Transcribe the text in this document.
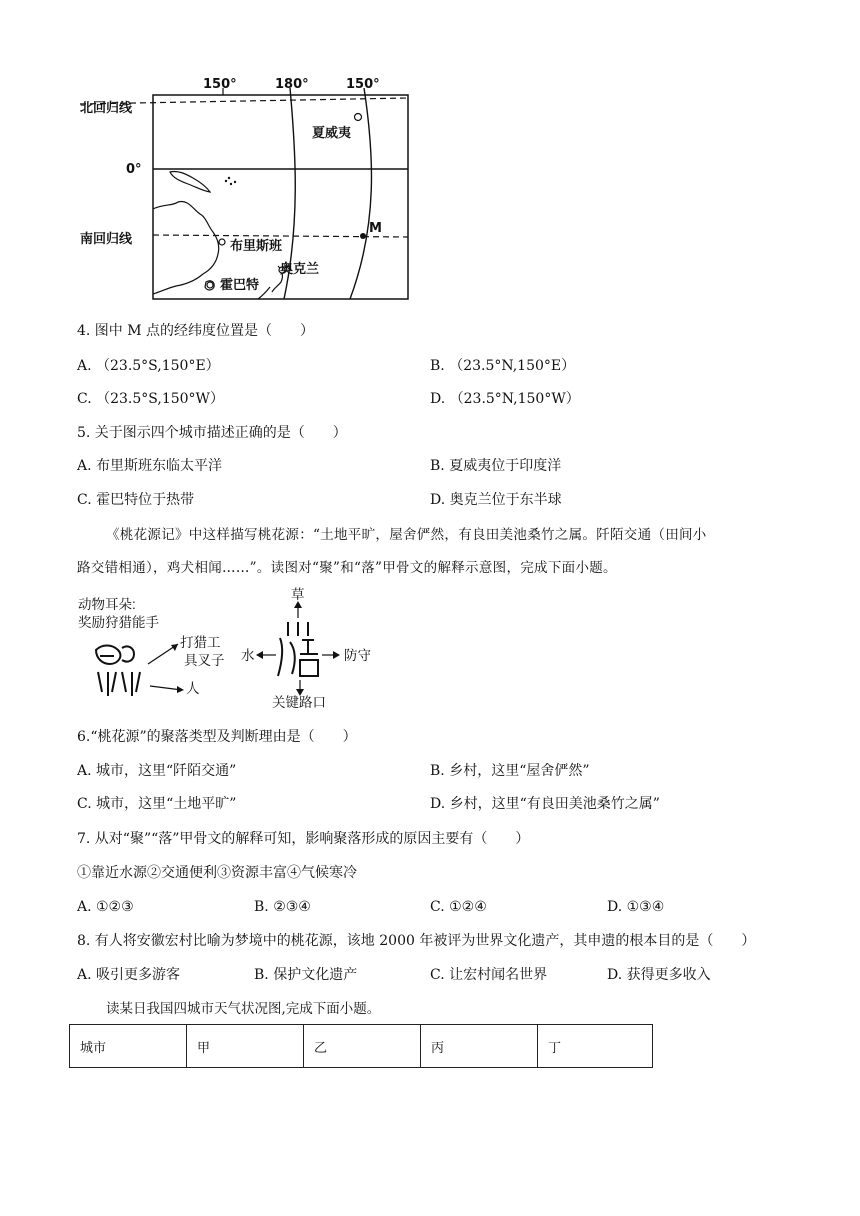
150°	180°	150°
北回归线
0°
南回归线
夏威夷
布里斯班
奥克兰
霍巴特
M
4. 图中 M 点的经纬度位置是（　　）
A. （23.5°S,150°E）	B. （23.5°N,150°E）
C. （23.5°S,150°W）	D. （23.5°N,150°W）
5. 关于图示四个城市描述正确的是（　　）
A. 布里斯班东临太平洋	B. 夏威夷位于印度洋
C. 霍巴特位于热带	D. 奥克兰位于东半球
《桃花源记》中这样描写桃花源：“土地平旷，屋舍俨然，有良田美池桑竹之属。阡陌交通（田间小
路交错相通），鸡犬相闻……”。读图对“聚”和“落”甲骨文的解释示意图，完成下面小题。
动物耳朵:
奖励狩猎能手
打猎工
具叉子
人
草
水	防守
关键路口
6.“桃花源”的聚落类型及判断理由是（　　）
A. 城市，这里“阡陌交通”	B. 乡村，这里“屋舍俨然”
C. 城市，这里“土地平旷”	D. 乡村，这里“有良田美池桑竹之属”
7. 从对“聚”“落”甲骨文的解释可知，影响聚落形成的原因主要有（　　）
①靠近水源②交通便利③资源丰富④气候寒冷
A. ①②③	B. ②③④	C. ①②④	D. ①③④
8. 有人将安徽宏村比喻为梦境中的桃花源，该地 2000 年被评为世界文化遗产，其申遗的根本目的是（　　）
A. 吸引更多游客	B. 保护文化遗产	C. 让宏村闻名世界	D. 获得更多收入
读某日我国四城市天气状况图,完成下面小题。
城市	甲	乙	丙	丁
